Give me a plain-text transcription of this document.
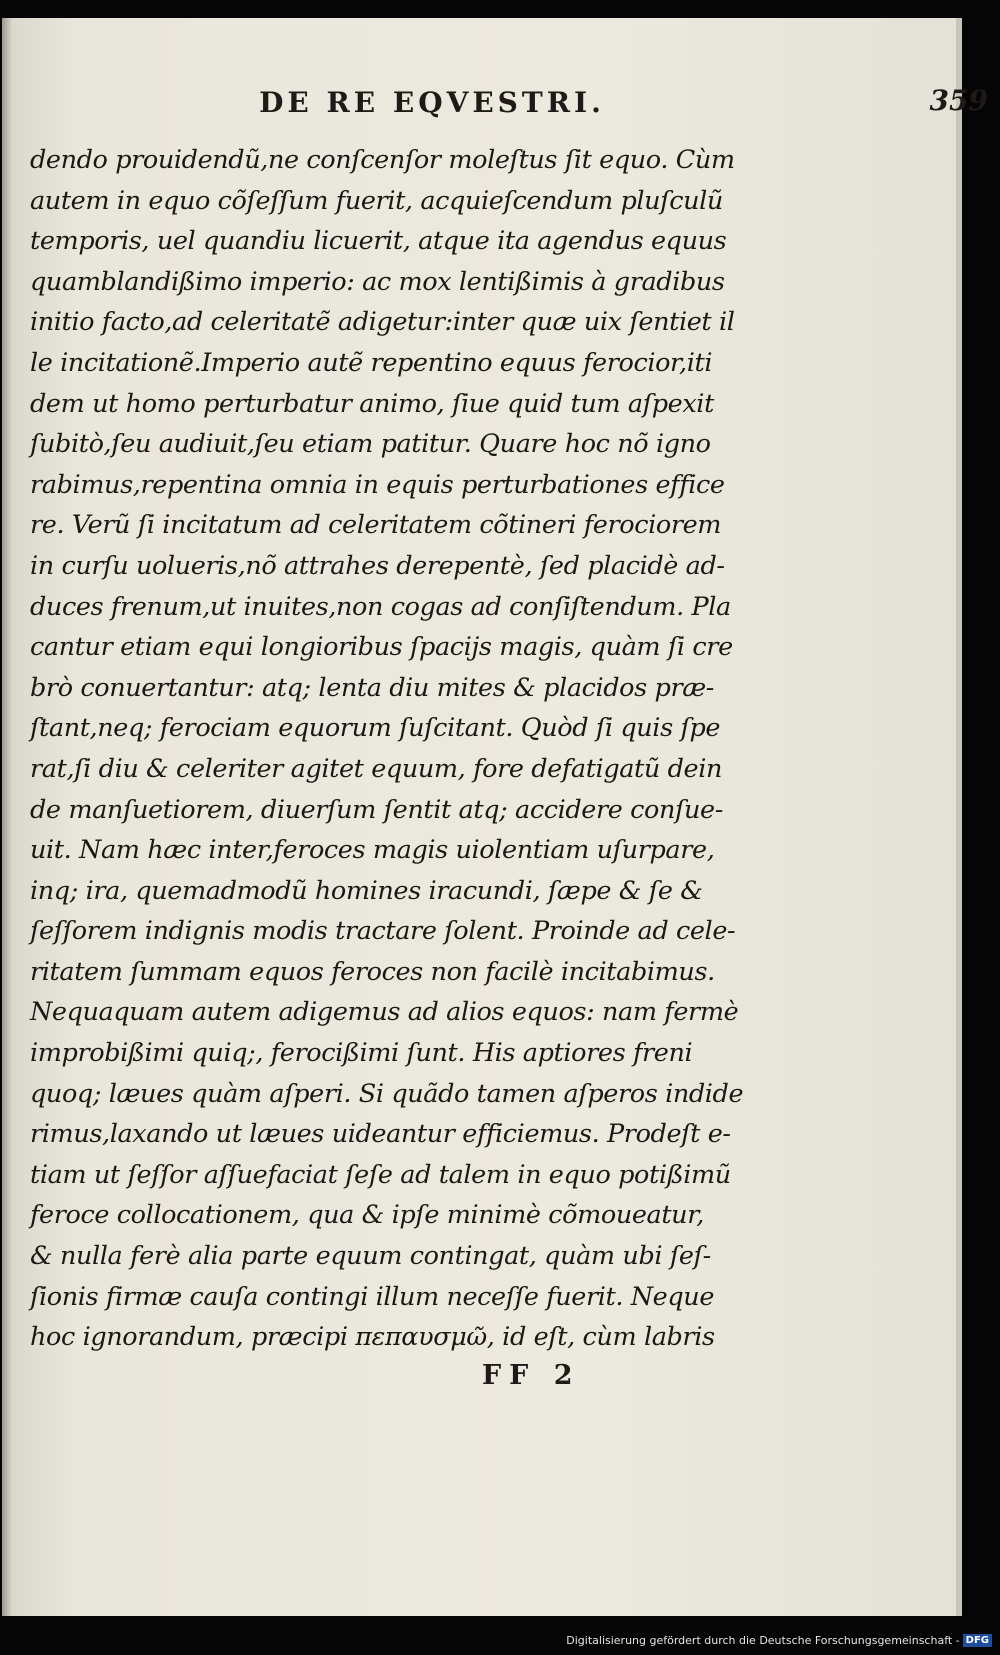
DE RE EQVESTRI.	359
dendo prouidendũ,ne conſcenſor moleſtus ſit equo. Cùm
autem in equo cõſeſſum fuerit, acquieſcendum pluſculũ
temporis, uel quandiu licuerit, atque ita agendus equus
quamblandißimo imperio: ac mox lentißimis à gradibus
initio facto,ad celeritatẽ adigetur:inter quæ uix ſentiet il
le incitationẽ.Imperio autẽ repentino equus ferocior,iti
dem ut homo perturbatur animo, ſiue quid tum aſpexit
ſubitò,ſeu audiuit,ſeu etiam patitur. Quare hoc nõ igno
rabimus,repentina omnia in equis perturbationes effice
re. Verũ ſi incitatum ad celeritatem cõtineri ferociorem
in curſu uolueris,nõ attrahes derepentè, ſed placidè ad-
duces frenum,ut inuites,non cogas ad conſiſtendum. Pla
cantur etiam equi longioribus ſpacijs magis, quàm ſi cre
brò conuertantur: atq; lenta diu mites & placidos præ-
ſtant,neq; ferociam equorum ſuſcitant. Quòd ſi quis ſpe
rat,ſi diu & celeriter agitet equum, fore defatigatũ dein
de manſuetiorem, diuerſum ſentit atq; accidere conſue-
uit. Nam hæc inter,feroces magis uiolentiam uſurpare,
inq; ira, quemadmodũ homines iracundi, ſæpe & ſe &
ſeſſorem indignis modis tractare ſolent. Proinde ad cele-
ritatem ſummam equos feroces non facilè incitabimus.
Nequaquam autem adigemus ad alios equos: nam fermè
improbißimi quiq;, ferocißimi ſunt. His aptiores freni
quoq; læues quàm aſperi. Si quãdo tamen aſperos indide
rimus,laxando ut læues uideantur efficiemus. Prodeſt e-
tiam ut ſeſſor aſſuefaciat ſeſe ad talem in equo potißimũ
feroce collocationem, qua & ipſe minimè cõmoueatur,
& nulla ferè alia parte equum contingat, quàm ubi ſeſ-
ſionis firmæ cauſa contingi illum neceſſe fuerit. Neque
hoc ignorandum, præcipi πεπαυσμῶ, id eſt, cùm labris
FF 2
Digitalisierung gefördert durch die Deutsche Forschungsgemeinschaft - DFG
